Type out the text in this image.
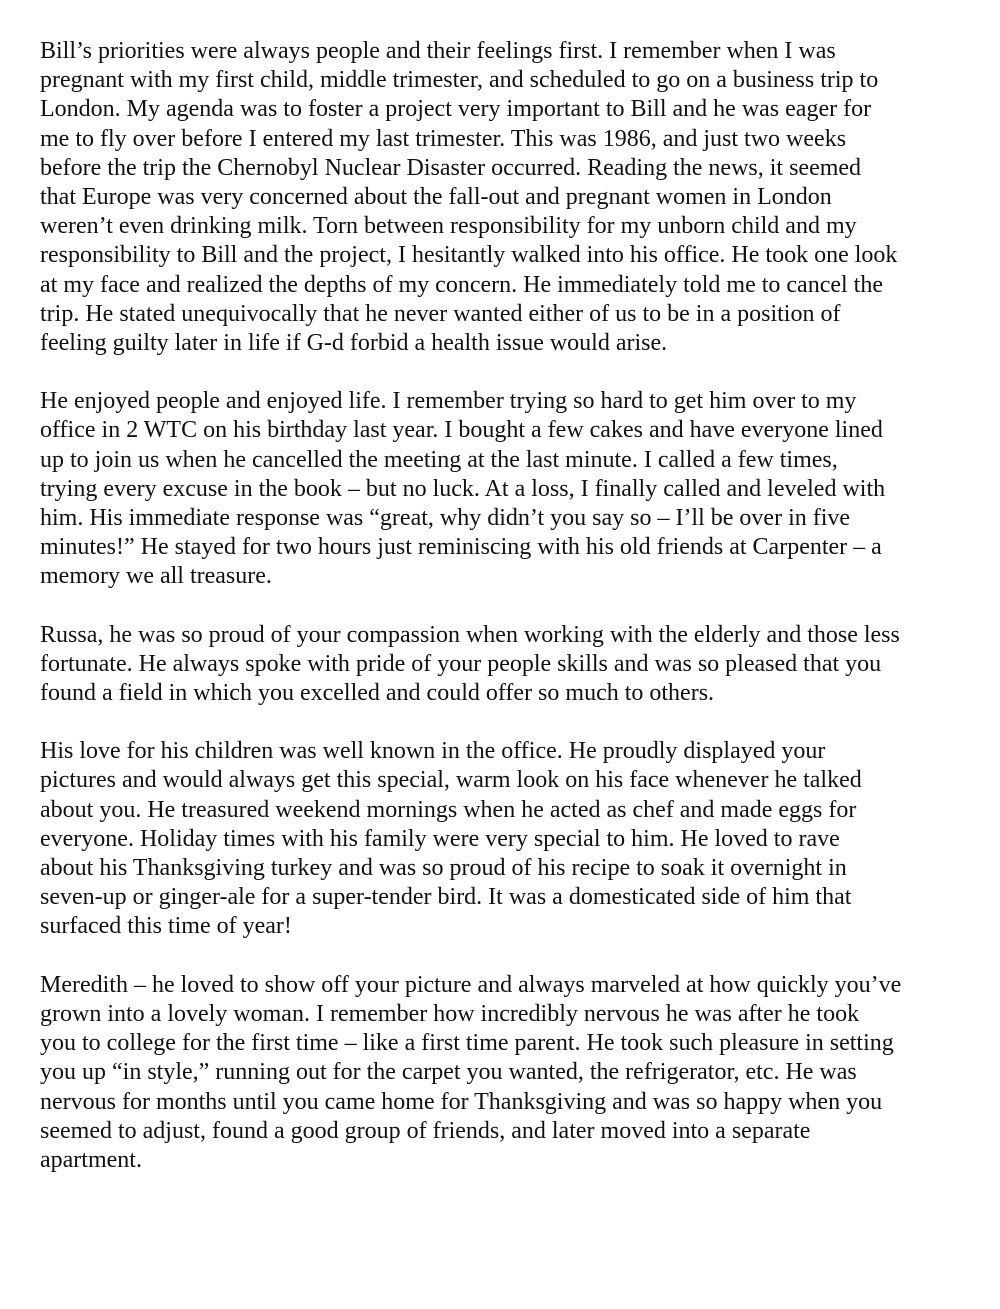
Bill’s priorities were always people and their feelings first. I remember when I was
pregnant with my first child, middle trimester, and scheduled to go on a business trip to
London. My agenda was to foster a project very important to Bill and he was eager for
me to fly over before I entered my last trimester. This was 1986, and just two weeks
before the trip the Chernobyl Nuclear Disaster occurred. Reading the news, it seemed
that Europe was very concerned about the fall-out and pregnant women in London
weren’t even drinking milk. Torn between responsibility for my unborn child and my
responsibility to Bill and the project, I hesitantly walked into his office. He took one look
at my face and realized the depths of my concern. He immediately told me to cancel the
trip. He stated unequivocally that he never wanted either of us to be in a position of
feeling guilty later in life if G-d forbid a health issue would arise.

He enjoyed people and enjoyed life. I remember trying so hard to get him over to my
office in 2 WTC on his birthday last year. I bought a few cakes and have everyone lined
up to join us when he cancelled the meeting at the last minute. I called a few times,
trying every excuse in the book – but no luck. At a loss, I finally called and leveled with
him. His immediate response was “great, why didn’t you say so – I’ll be over in five
minutes!” He stayed for two hours just reminiscing with his old friends at Carpenter – a
memory we all treasure.

Russa, he was so proud of your compassion when working with the elderly and those less
fortunate. He always spoke with pride of your people skills and was so pleased that you
found a field in which you excelled and could offer so much to others.

His love for his children was well known in the office. He proudly displayed your
pictures and would always get this special, warm look on his face whenever he talked
about you. He treasured weekend mornings when he acted as chef and made eggs for
everyone. Holiday times with his family were very special to him. He loved to rave
about his Thanksgiving turkey and was so proud of his recipe to soak it overnight in
seven-up or ginger-ale for a super-tender bird. It was a domesticated side of him that
surfaced this time of year!

Meredith – he loved to show off your picture and always marveled at how quickly you’ve
grown into a lovely woman. I remember how incredibly nervous he was after he took
you to college for the first time – like a first time parent. He took such pleasure in setting
you up “in style,” running out for the carpet you wanted, the refrigerator, etc. He was
nervous for months until you came home for Thanksgiving and was so happy when you
seemed to adjust, found a good group of friends, and later moved into a separate
apartment.
